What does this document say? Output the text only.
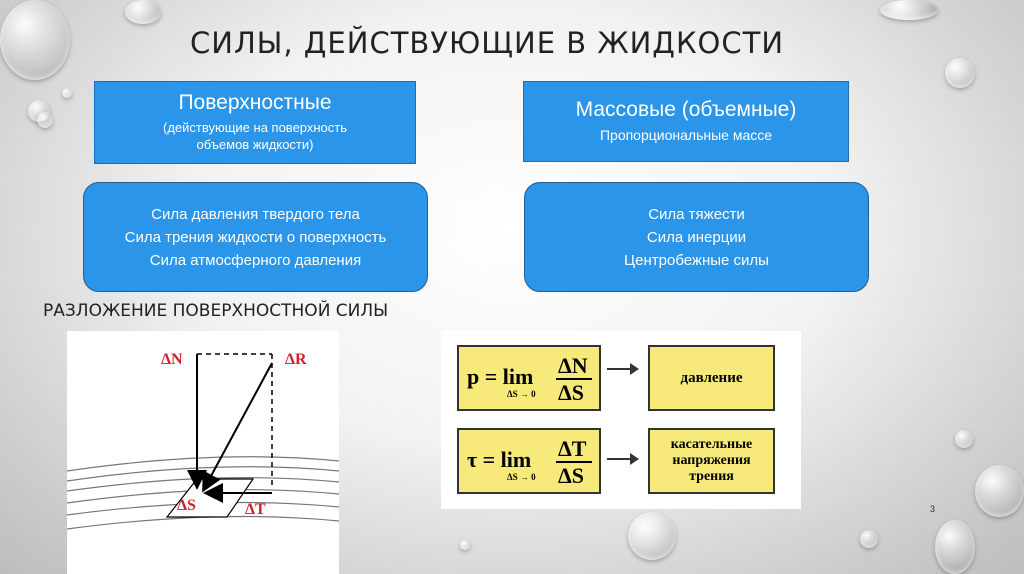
СИЛЫ, ДЕЙСТВУЮЩИЕ В ЖИДКОСТИ
Поверхностные
(действующие на поверхность объемов жидкости)
Массовые (объемные)
Пропорциональные массе
Сила давления твердого тела
Сила трения жидкости о поверхность
Сила атмосферного давления
Сила тяжести
Сила инерции
Центробежные силы
РАЗЛОЖЕНИЕ ПОВЕРХНОСТНОЙ СИЛЫ
ΔN	ΔR
ΔS	ΔT
p = lim
ΔS → 0
ΔN
ΔS
давление
τ = lim
ΔS → 0
ΔT
ΔS
касательные напряжения трения
3
